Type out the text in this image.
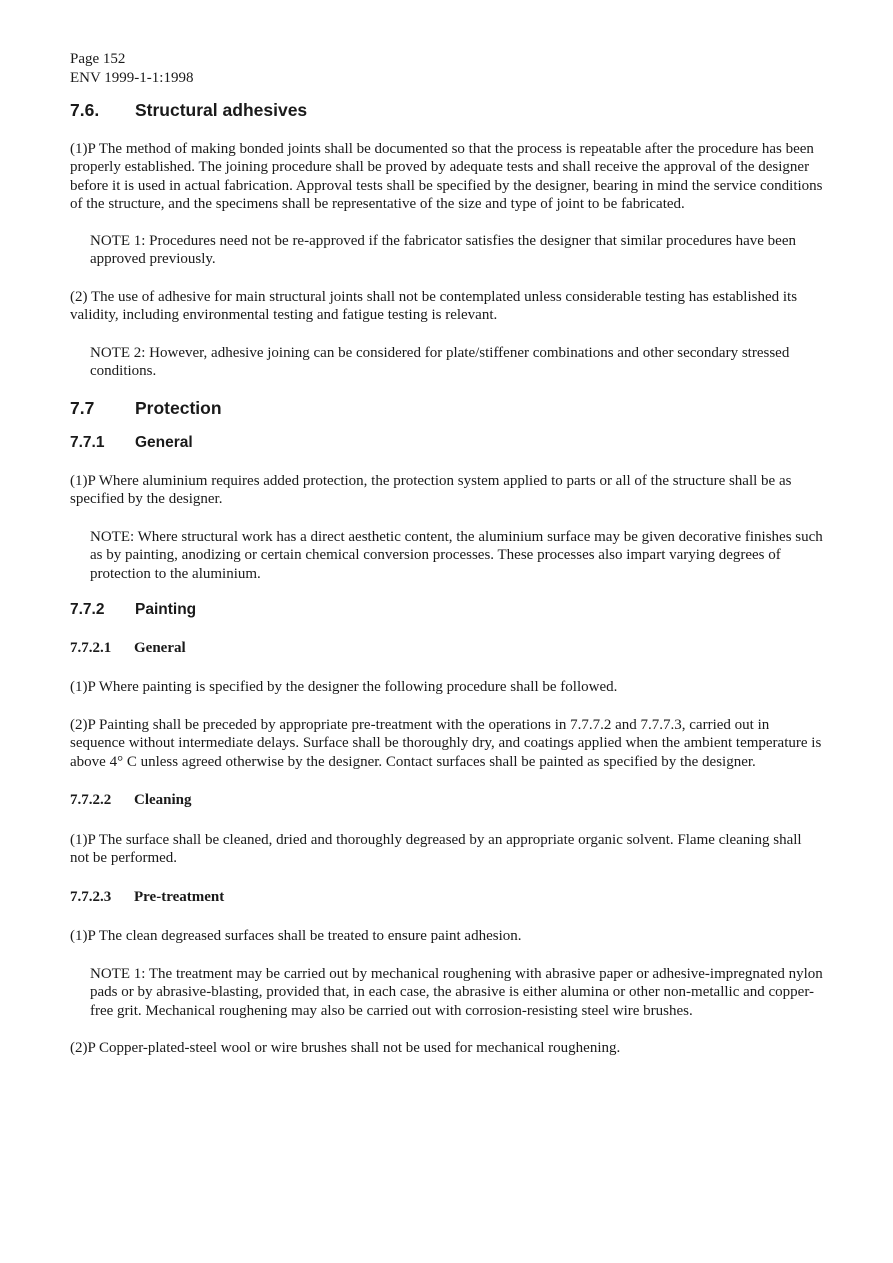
Page 152
ENV 1999-1-1:1998
7.6.	Structural adhesives

(1)P The method of making bonded joints shall be documented so that the process is repeatable after the procedure has been properly established. The joining procedure shall be proved by adequate tests and shall receive the approval of the designer before it is used in actual fabrication. Approval tests shall be specified by the designer, bearing in mind the service conditions of the structure, and the specimens shall be representative of the size and type of joint to be fabricated.

NOTE 1: Procedures need not be re-approved if the fabricator satisfies the designer that similar procedures have been approved previously.

(2) The use of adhesive for main structural joints shall not be contemplated unless considerable testing has established its validity, including environmental testing and fatigue testing is relevant.

NOTE 2: However, adhesive joining can be considered for plate/stiffener combinations and other secondary stressed conditions.

7.7	Protection
7.7.1	General

(1)P Where aluminium requires added protection, the protection system applied to parts or all of the structure shall be as specified by the designer.

NOTE: Where structural work has a direct aesthetic content, the aluminium surface may be given decorative finishes such as by painting, anodizing or certain chemical conversion processes. These processes also impart varying degrees of protection to the aluminium.

7.7.2	Painting
7.7.2.1	General

(1)P Where painting is specified by the designer the following procedure shall be followed.

(2)P Painting shall be preceded by appropriate pre-treatment with the operations in 7.7.7.2 and 7.7.7.3, carried out in sequence without intermediate delays. Surface shall be thoroughly dry, and coatings applied when the ambient temperature is above 4° C unless agreed otherwise by the designer. Contact surfaces shall be painted as specified by the designer.

7.7.2.2	Cleaning

(1)P The surface shall be cleaned, dried and thoroughly degreased by an appropriate organic solvent. Flame cleaning shall not be performed.

7.7.2.3	Pre-treatment

(1)P The clean degreased surfaces shall be treated to ensure paint adhesion.

NOTE 1: The treatment may be carried out by mechanical roughening with abrasive paper or adhesive-impregnated nylon pads or by abrasive-blasting, provided that, in each case, the abrasive is either alumina or other non-metallic and copper-free grit. Mechanical roughening may also be carried out with corrosion-resisting steel wire brushes.

(2)P Copper-plated-steel wool or wire brushes shall not be used for mechanical roughening.
